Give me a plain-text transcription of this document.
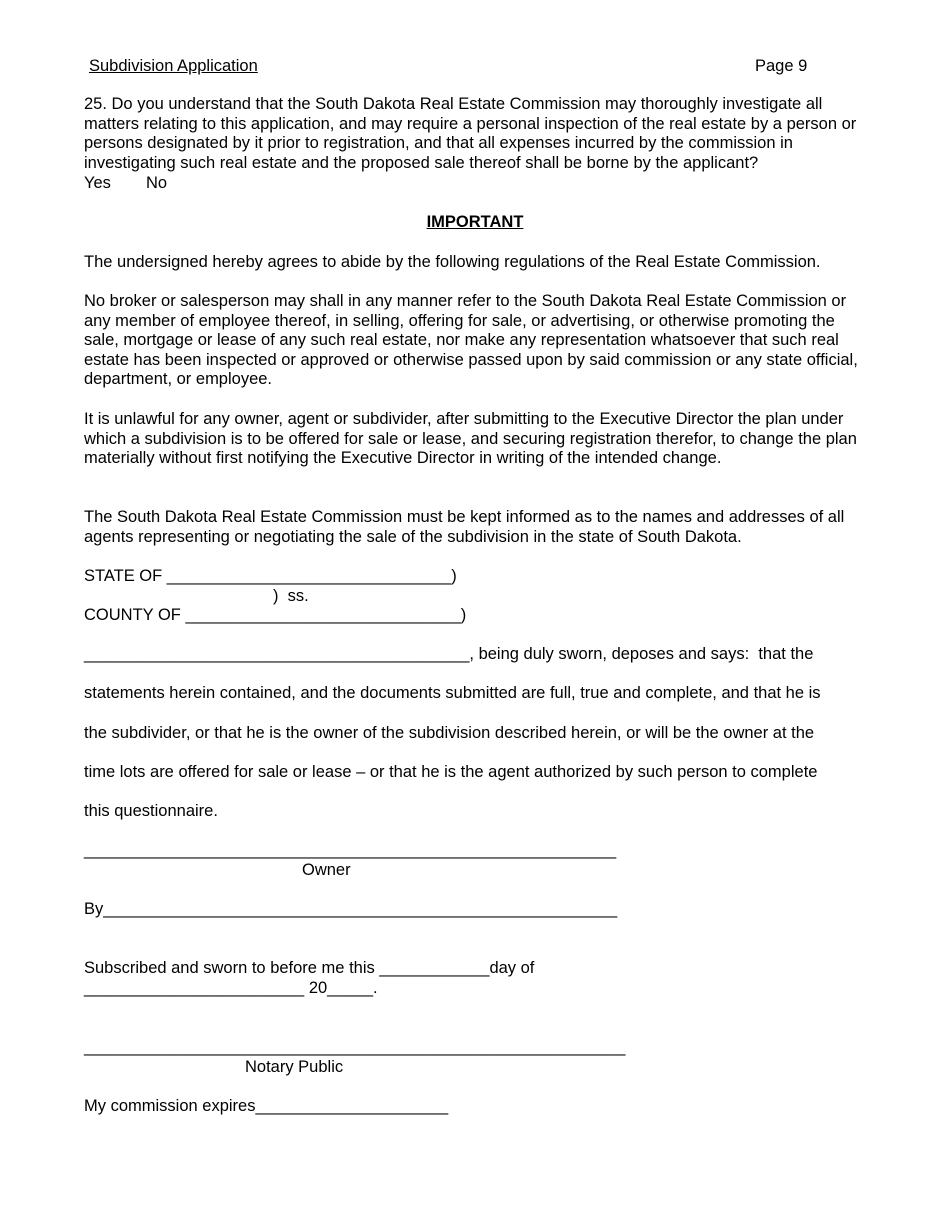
Subdivision Application	Page 9
25. Do you understand that the South Dakota Real Estate Commission may thoroughly investigate all matters relating to this application, and may require a personal inspection of the real estate by a person or persons designated by it prior to registration, and that all expenses incurred by the commission in investigating such real estate and the proposed sale thereof shall be borne by the applicant?
Yes No
IMPORTANT
The undersigned hereby agrees to abide by the following regulations of the Real Estate Commission.
No broker or salesperson may shall in any manner refer to the South Dakota Real Estate Commission or any member of employee thereof, in selling, offering for sale, or advertising, or otherwise promoting the sale, mortgage or lease of any such real estate, nor make any representation whatsoever that such real estate has been inspected or approved or otherwise passed upon by said commission or any state official, department, or employee.
It is unlawful for any owner, agent or subdivider, after submitting to the Executive Director the plan under which a subdivision is to be offered for sale or lease, and securing registration therefor, to change the plan materially without first notifying the Executive Director in writing of the intended change.
The South Dakota Real Estate Commission must be kept informed as to the names and addresses of all agents representing or negotiating the sale of the subdivision in the state of South Dakota.
STATE OF _______________________________)
)  ss.
COUNTY OF ______________________________)
__________________________________________, being duly sworn, deposes and says:  that the
statements herein contained, and the documents submitted are full, true and complete, and that he is
the subdivider, or that he is the owner of the subdivision described herein, or will be the owner at the
time lots are offered for sale or lease – or that he is the agent authorized by such person to complete
this questionnaire.
__________________________________________________________
Owner
By________________________________________________________
Subscribed and sworn to before me this ____________day of
________________________ 20_____.
___________________________________________________________
Notary Public
My commission expires_____________________
